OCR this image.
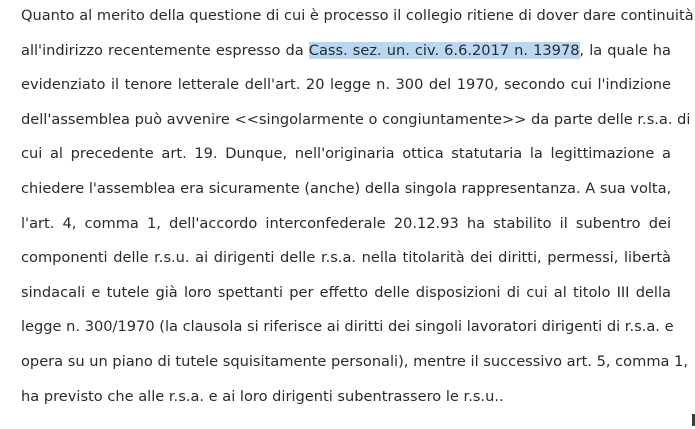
Quanto al merito della questione di cui è processo il collegio ritiene di dover dare continuità
all'indirizzo recentemente espresso da Cass. sez. un. civ. 6.6.2017 n. 13978, la quale ha
evidenziato il tenore letterale dell'art. 20 legge n. 300 del 1970, secondo cui l'indizione
dell'assemblea può avvenire <<singolarmente o congiuntamente>> da parte delle r.s.a. di
cui al precedente art. 19. Dunque, nell'originaria ottica statutaria la legittimazione a
chiedere l'assemblea era sicuramente (anche) della singola rappresentanza. A sua volta,
l'art. 4, comma 1, dell'accordo interconfederale 20.12.93 ha stabilito il subentro dei
componenti delle r.s.u. ai dirigenti delle r.s.a. nella titolarità dei diritti, permessi, libertà
sindacali e tutele già loro spettanti per effetto delle disposizioni di cui al titolo III della
legge n. 300/1970 (la clausola si riferisce ai diritti dei singoli lavoratori dirigenti di r.s.a. e
opera su un piano di tutele squisitamente personali), mentre il successivo art. 5, comma 1,
ha previsto che alle r.s.a. e ai loro dirigenti subentrassero le r.s.u..
